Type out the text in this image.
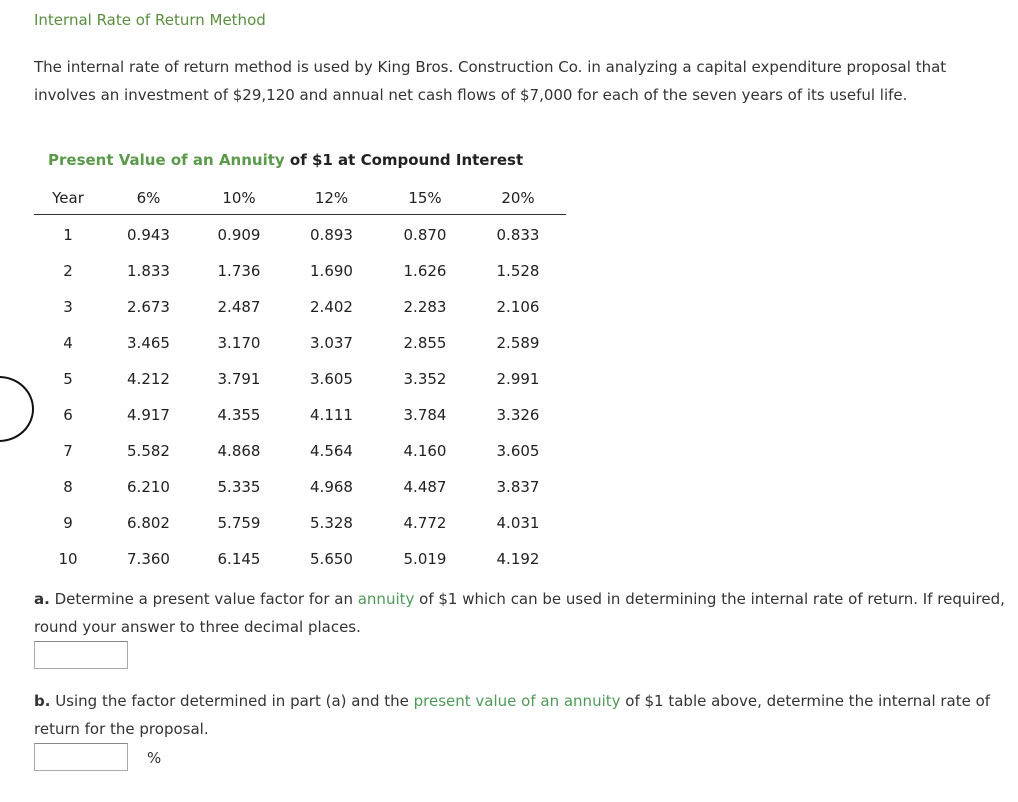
Internal Rate of Return Method
The internal rate of return method is used by King Bros. Construction Co. in analyzing a capital expenditure proposal that involves an investment of $29,120 and annual net cash flows of $7,000 for each of the seven years of its useful life.
Present Value of an Annuity of $1 at Compound Interest
Year	6%	10%	12%	15%	20%
1	0.943	0.909	0.893	0.870	0.833
2	1.833	1.736	1.690	1.626	1.528
3	2.673	2.487	2.402	2.283	2.106
4	3.465	3.170	3.037	2.855	2.589
5	4.212	3.791	3.605	3.352	2.991
6	4.917	4.355	4.111	3.784	3.326
7	5.582	4.868	4.564	4.160	3.605
8	6.210	5.335	4.968	4.487	3.837
9	6.802	5.759	5.328	4.772	4.031
10	7.360	6.145	5.650	5.019	4.192
a. Determine a present value factor for an annuity of $1 which can be used in determining the internal rate of return. If required, round your answer to three decimal places.
b. Using the factor determined in part (a) and the present value of an annuity of $1 table above, determine the internal rate of return for the proposal.
%
